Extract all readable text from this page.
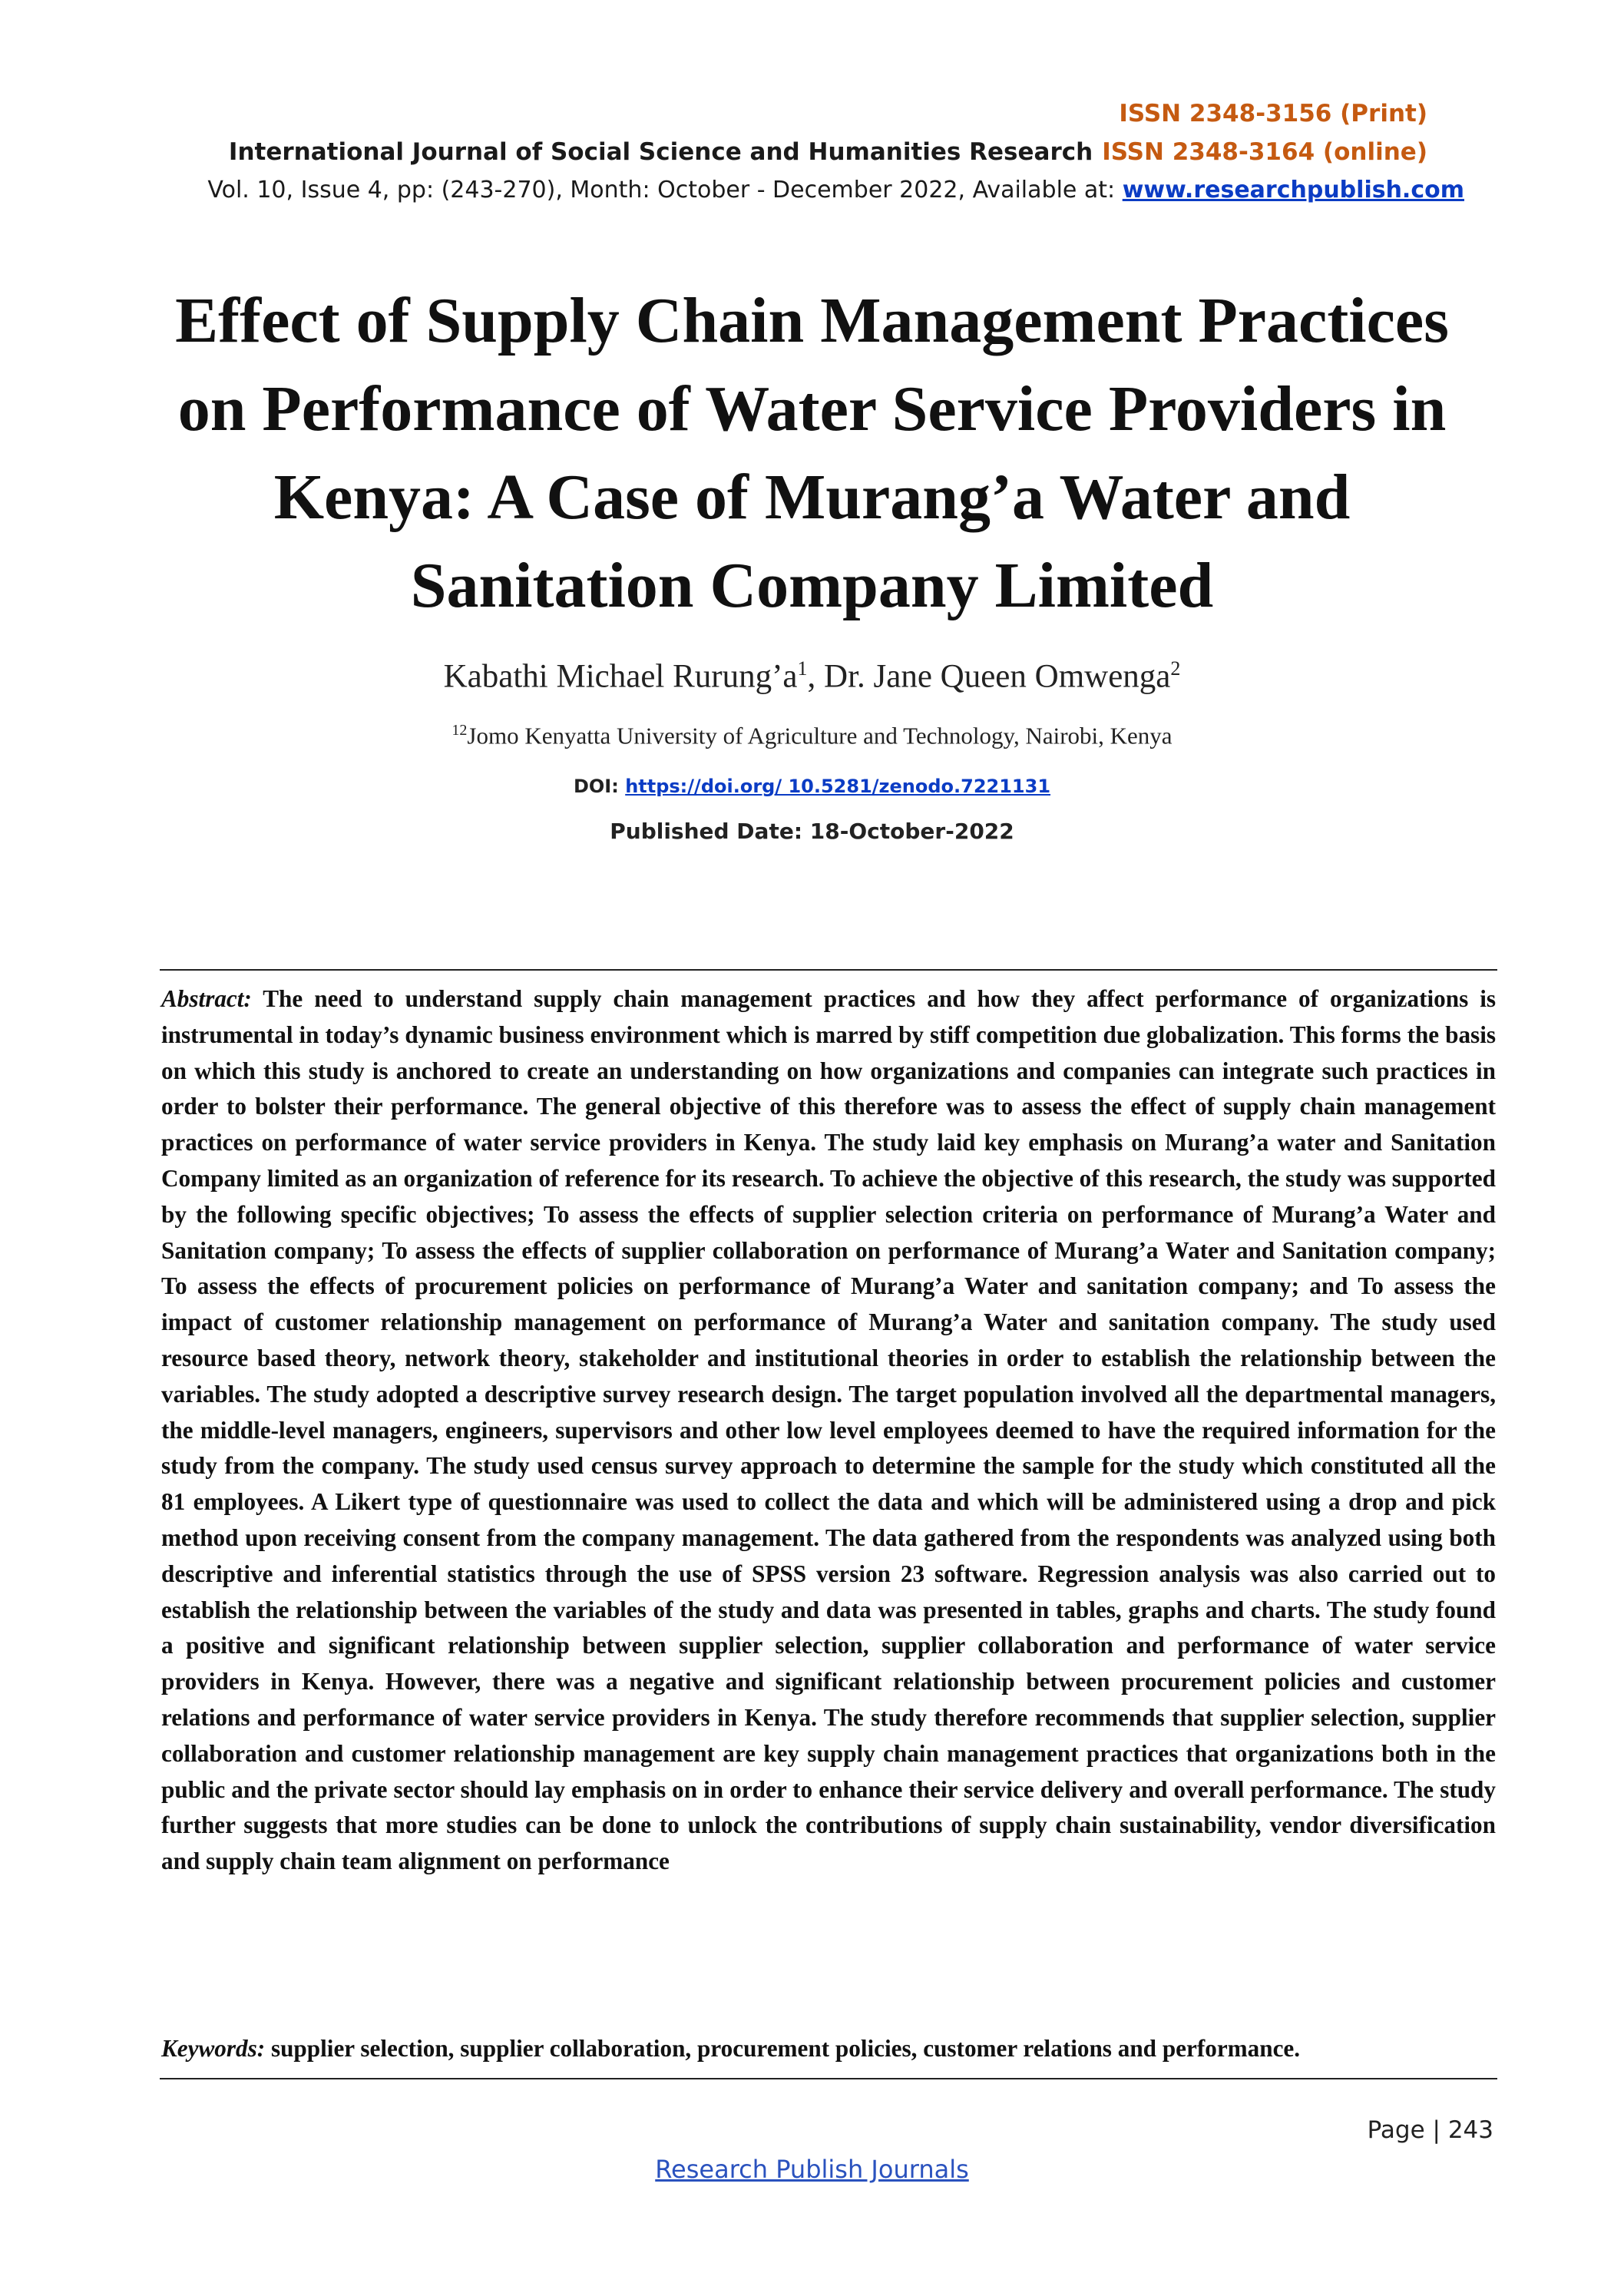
ISSN 2348-3156 (Print)
International Journal of Social Science and Humanities Research ISSN 2348-3164 (online)
Vol. 10, Issue 4, pp: (243-270), Month: October - December 2022, Available at: www.researchpublish.com
Effect of Supply Chain Management Practices
on Performance of Water Service Providers in
Kenya: A Case of Murang’a Water and
Sanitation Company Limited
Kabathi Michael $Rurung’a^1$, Dr. Jane Queen Omwenga$^2$
$^{12}$Jomo Kenyatta University of Agriculture and Technology, Nairobi, Kenya
DOI: https://doi.org/ 10.5281/zenodo.7221131
Published Date: 18-October-2022

Abstract: The need to understand supply chain management practices and how they affect performance of organizations is instrumental in today’s dynamic business environment which is marred by stiff competition due globalization. This forms the basis on which this study is anchored to create an understanding on how organizations and companies can integrate such practices in order to bolster their performance. The general objective of this therefore was to assess the effect of supply chain management practices on performance of water service providers in Kenya. The study laid key emphasis on Murang’a water and Sanitation Company limited as an organization of reference for its research. To achieve the objective of this research, the study was supported by the following specific objectives; To assess the effects of supplier selection criteria on performance of Murang’a Water and Sanitation company; To assess the effects of supplier collaboration on performance of Murang’a Water and Sanitation company; To assess the effects of procurement policies on performance of Murang’a Water and sanitation company; and To assess the impact of customer relationship management on performance of Murang’a Water and sanitation company. The study used resource based theory, network theory, stakeholder and institutional theories in order to establish the relationship between the variables. The study adopted a descriptive survey research design. The target population involved all the departmental managers, the middle-level managers, engineers, supervisors and other low level employees deemed to have the required information for the study from the company. The study used census survey approach to determine the sample for the study which constituted all the 81 employees. A Likert type of questionnaire was used to collect the data and which will be administered using a drop and pick method upon receiving consent from the company management. The data gathered from the respondents was analyzed using both descriptive and inferential statistics through the use of SPSS version 23 software. Regression analysis was also carried out to establish the relationship between the variables of the study and data was presented in tables, graphs and charts. The study found a positive and significant relationship between supplier selection, supplier collaboration and performance of water service providers in Kenya. However, there was a negative and significant relationship between procurement policies and customer relations and performance of water service providers in Kenya. The study therefore recommends that supplier selection, supplier collaboration and customer relationship management are key supply chain management practices that organizations both in the public and the private sector should lay emphasis on in order to enhance their service delivery and overall performance. The study further suggests that more studies can be done to unlock the contributions of supply chain sustainability, vendor diversification and supply chain team alignment on performance

Keywords: supplier selection, supplier collaboration, procurement policies, customer relations and performance.

Page | 243
Research Publish Journals
